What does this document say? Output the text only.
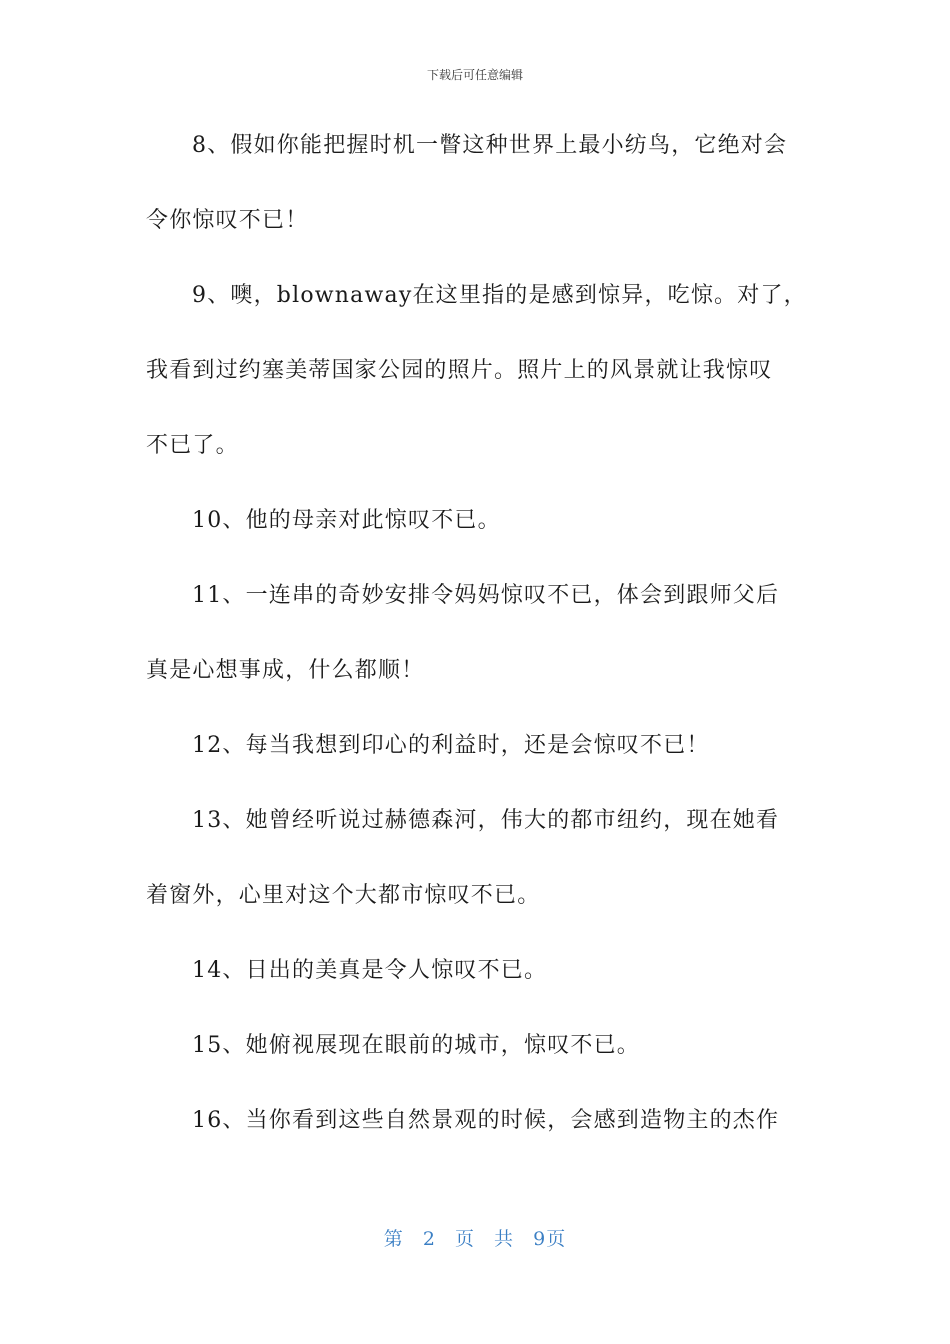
下载后可任意编辑
8、假如你能把握时机一瞥这种世界上最小纺鸟，它绝对会
令你惊叹不已！
9、噢，blownaway在这里指的是感到惊异，吃惊。对了，
我看到过约塞美蒂国家公园的照片。照片上的风景就让我惊叹
不已了。
10、他的母亲对此惊叹不已。
11、一连串的奇妙安排令妈妈惊叹不已，体会到跟师父后
真是心想事成，什么都顺！
12、每当我想到印心的利益时，还是会惊叹不已！
13、她曾经听说过赫德森河，伟大的都市纽约，现在她看
着窗外，心里对这个大都市惊叹不已。
14、日出的美真是令人惊叹不已。
15、她俯视展现在眼前的城市，惊叹不已。
16、当你看到这些自然景观的时候，会感到造物主的杰作
第 2 页 共 9页
